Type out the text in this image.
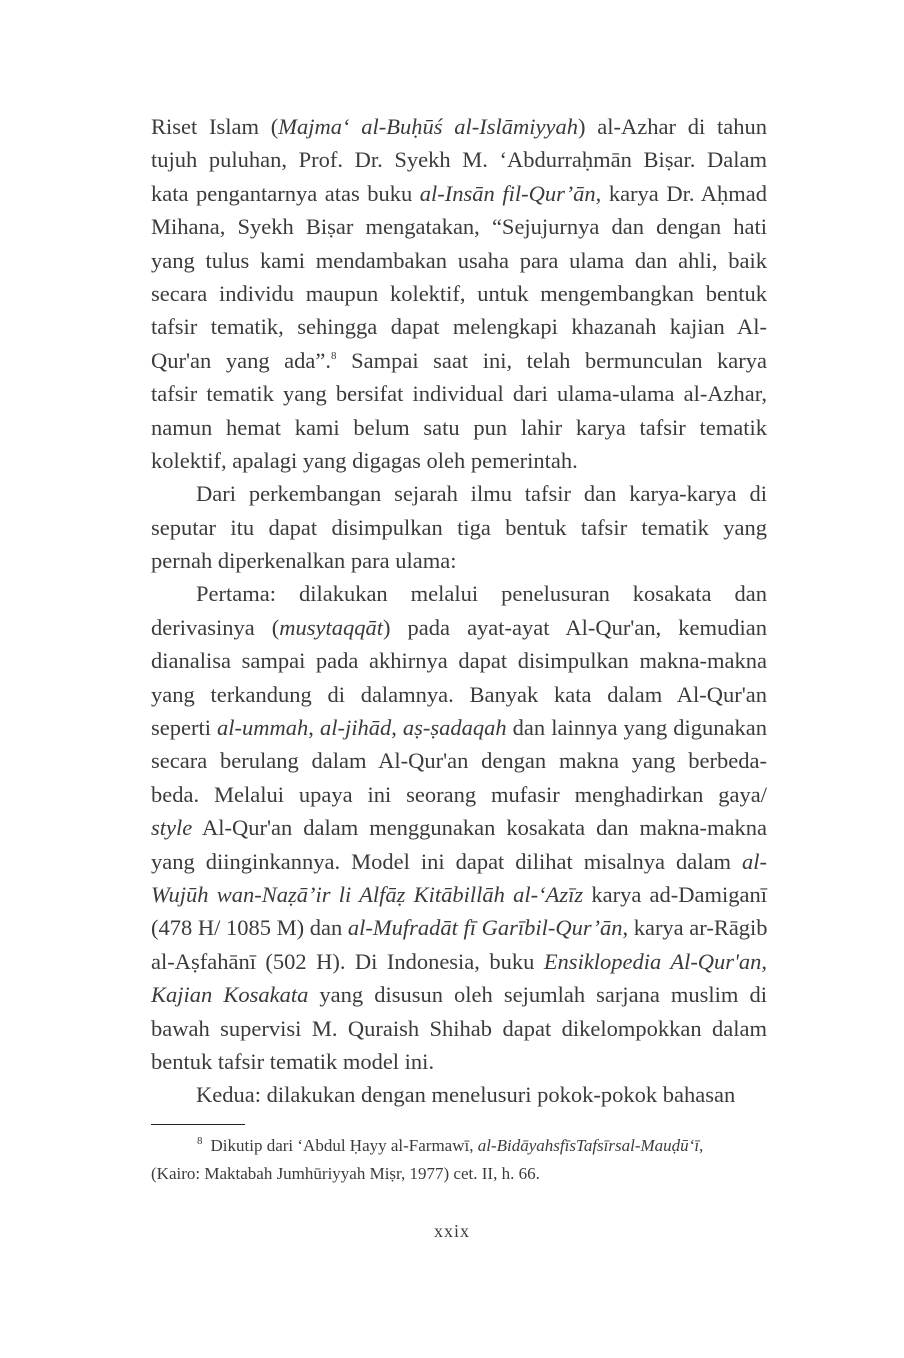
Riset Islam (Majma‘ al-Buḥūś al-Islāmiyyah) al-Azhar di tahun
tujuh puluhan, Prof. Dr. Syekh M. ‘Abdurraḥmān Biṣar. Dalam
kata pengantarnya atas buku al-Insān fil-Qur’ān, karya Dr. Aḥmad
Mihana, Syekh Biṣar mengatakan, “Sejujurnya dan dengan hati
yang tulus kami mendambakan usaha para ulama dan ahli, baik
secara individu maupun kolektif, untuk mengembangkan bentuk
tafsir tematik, sehingga dapat melengkapi khazanah kajian Al-
Qur'an yang ada”.$^8$ Sampai saat ini, telah bermunculan karya
tafsir tematik yang bersifat individual dari ulama-ulama al-Azhar,
namun hemat kami belum satu pun lahir karya tafsir tematik
kolektif, apalagi yang digagas oleh pemerintah.
Dari perkembangan sejarah ilmu tafsir dan karya-karya di
seputar itu dapat disimpulkan tiga bentuk tafsir tematik yang
pernah diperkenalkan para ulama:
Pertama: dilakukan melalui penelusuran kosakata dan
derivasinya (musytaqqāt) pada ayat-ayat Al-Qur'an, kemudian
dianalisa sampai pada akhirnya dapat disimpulkan makna-makna
yang terkandung di dalamnya. Banyak kata dalam Al-Qur'an
seperti al-ummah, al-jihād, aṣ-ṣadaqah dan lainnya yang digunakan
secara berulang dalam Al-Qur'an dengan makna yang berbeda-
beda. Melalui upaya ini seorang mufasir menghadirkan gaya/
style Al-Qur'an dalam menggunakan kosakata dan makna-makna
yang diinginkannya. Model ini dapat dilihat misalnya dalam al-
Wujūh wan-Naẓā’ir li Alfāẓ Kitābillāh al-‘Azīz karya ad-Damiganī
(478 H/ 1085 M) dan al-Mufradāt fī Garībil-Qur’ān, karya ar-Rāgib
al-Aṣfahānī (502 H). Di Indonesia, buku Ensiklopedia Al-Qur'an,
Kajian Kosakata yang disusun oleh sejumlah sarjana muslim di
bawah supervisi M. Quraish Shihab dapat dikelompokkan dalam
bentuk tafsir tematik model ini.
Kedua: dilakukan dengan menelusuri pokok-pokok bahasan
$^8$ Dikutip dari ‘Abdul Ḥayy al-Farmawī, al-BidāyahsfīsTafsīrsal-Mauḍū‘ī,
(Kairo: Maktabah Jumhūriyyah Miṣr, 1977) cet. II, h. 66.
xxix
